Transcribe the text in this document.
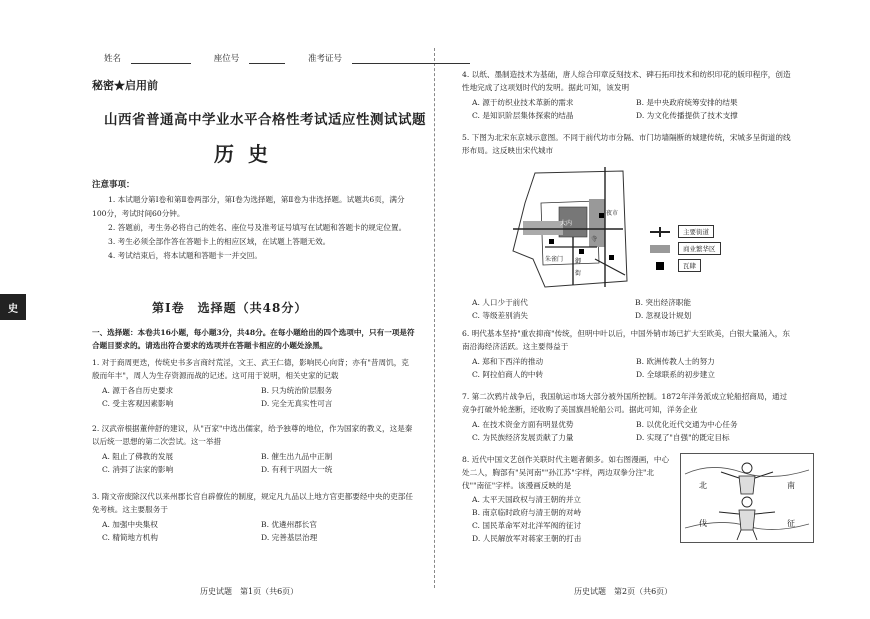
史
姓名	座位号	准考证号
秘密★启用前
山西省普通高中学业水平合格性考试适应性测试试题
历史
注意事项：

1. 本试题分第Ⅰ卷和第Ⅱ卷两部分，第Ⅰ卷为选择题，第Ⅱ卷为非选择题。试题共6页，满分100分，考试时间60分钟。

2. 答题前，考生务必将自己的姓名、座位号及准考证号填写在试题和答题卡的规定位置。

3. 考生必须全部作答在答题卡上的相应区域，在试题上答题无效。

4. 考试结束后，将本试题和答题卡一并交回。

第Ⅰ卷　选择题（共48分）
一、选择题：本卷共16小题，每小题3分，共48分。在每小题给出的四个选项中，只有一项是符合题目要求的。请选出符合要求的选项并在答题卡相应的小题处涂黑。

1. 对于商周更迭，传统史书多言商纣荒淫，文王、武王仁德，影响民心向背；亦有"昔周饥，克殷而年丰"，周人为生存资源而战的记述。这可用于说明，相关史家的记载

A. 源于各自历史要求	B. 只为统治阶层服务
C. 受主客观因素影响	D. 完全无真实性可言

2. 汉武帝根据董仲舒的建议，从"百家"中选出儒家，给予独尊的地位，作为国家的教义，这是秦以后统一思想的第二次尝试。这一举措

A. 阻止了佛教的发展	B. 催生出九品中正制
C. 消弭了法家的影响	D. 有利于巩固大一统

3. 隋文帝废除汉代以来州郡长官自辟僚佐的制度，规定凡九品以上地方官吏都要经中央的吏部任免考核。这主要服务于

A. 加强中央集权	B. 优遴州郡长官
C. 精简地方机构	D. 完善基层治理
历史试题　第1页（共6页）

4. 以纸、墨制造技术为基础，唐人综合印章反刻技术、碑石拓印技术和纺织印花的版印程序，创造性地完成了这项划时代的发明。据此可知，该发明

A. 源于纺织业技术革新的需求	B. 是中央政府统筹安排的结果
C. 是知识阶层集体探索的结晶	D. 为文化传播提供了技术支撑

5. 下图为北宋东京城示意图。不同于前代坊市分隔、市门坊墙隔断的城建传统，宋城多呈街道的线形布局。这反映出宋代城市

大内
夜市
寺
朱雀门 御
街
主要街道
商业繁华区
瓦肆
A. 人口少于前代	B. 突出经济职能
C. 等级差别消失	D. 忽视设计规划

6. 明代基本坚持"重农抑商"传统，但明中叶以后，中国外销市场已扩大至欧美，白银大量涌入，东南沿海经济活跃。这主要得益于

A. 郑和下西洋的推动	B. 欧洲传教人士的努力
C. 阿拉伯商人的中转	D. 全球联系的初步建立

7. 第二次鸦片战争后，我国航运市场大部分被外国所控制。1872年洋务派成立轮船招商局，通过竞争打破外轮垄断，还收购了美国旗昌轮船公司。据此可知，洋务企业

A. 在技术资金方面有明显优势	B. 以优化近代交通为中心任务
C. 为民族经济发展贡献了力量	D. 实现了"自强"的既定目标

8. 近代中国文艺创作关联时代主题者颇多。如右图漫画，中心处二人，胸部有"吴河南""孙江苏"字样，两边双拳分注"北伐""南征"字样。该漫画反映的是

A. 太平天国政权与清王朝的并立
B. 南京临时政府与清王朝的对峙
C. 国民革命军对北洋军阀的征讨
D. 人民解放军对蒋家王朝的打击
北	南
伐	征
历史试题　第2页（共6页）
